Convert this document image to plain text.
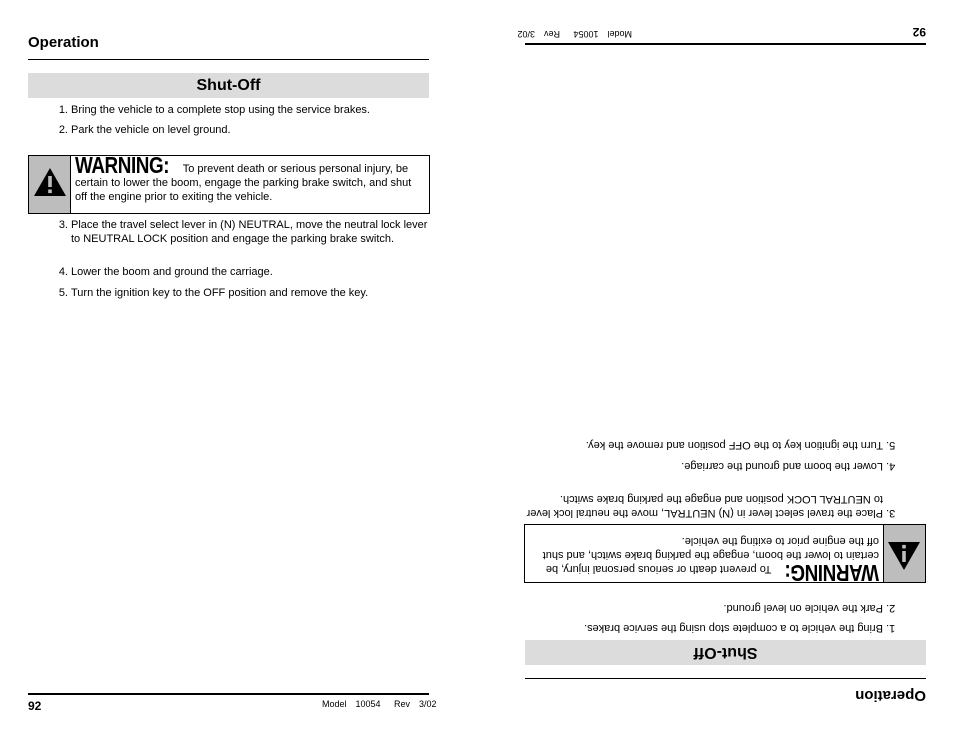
Operation
Shut-Off
1. Bring the vehicle to a complete stop using the service brakes.
2. Park the vehicle on level ground.
WARNING: To prevent death or serious personal injury, be certain to lower the boom, engage the parking brake switch, and shut off the engine prior to exiting the vehicle.
3. Place the travel select lever in (N) NEUTRAL, move the neutral lock lever to NEUTRAL LOCK position and engage the parking brake switch.
4. Lower the boom and ground the carriage.
5. Turn the ignition key to the OFF position and remove the key.
92	Model  10054   Rev  3/02	Operation
Shut-Off
1.
Bring the vehicle to a complete stop using the service brakes.
2.
Park the vehicle on level ground.
WARNING: To prevent death or serious personal injury, be certain to lower the boom, engage the parking brake switch, and shut off the engine prior to exiting the vehicle.
3.
Place the travel select lever in (N) NEUTRAL, move the neutral lock lever to NEUTRAL LOCK position and engage the parking brake switch.
4.
Lower the boom and ground the carriage.
5.
Turn the ignition key to the OFF position and remove the key.
92
Model  10054   Rev  3/02
